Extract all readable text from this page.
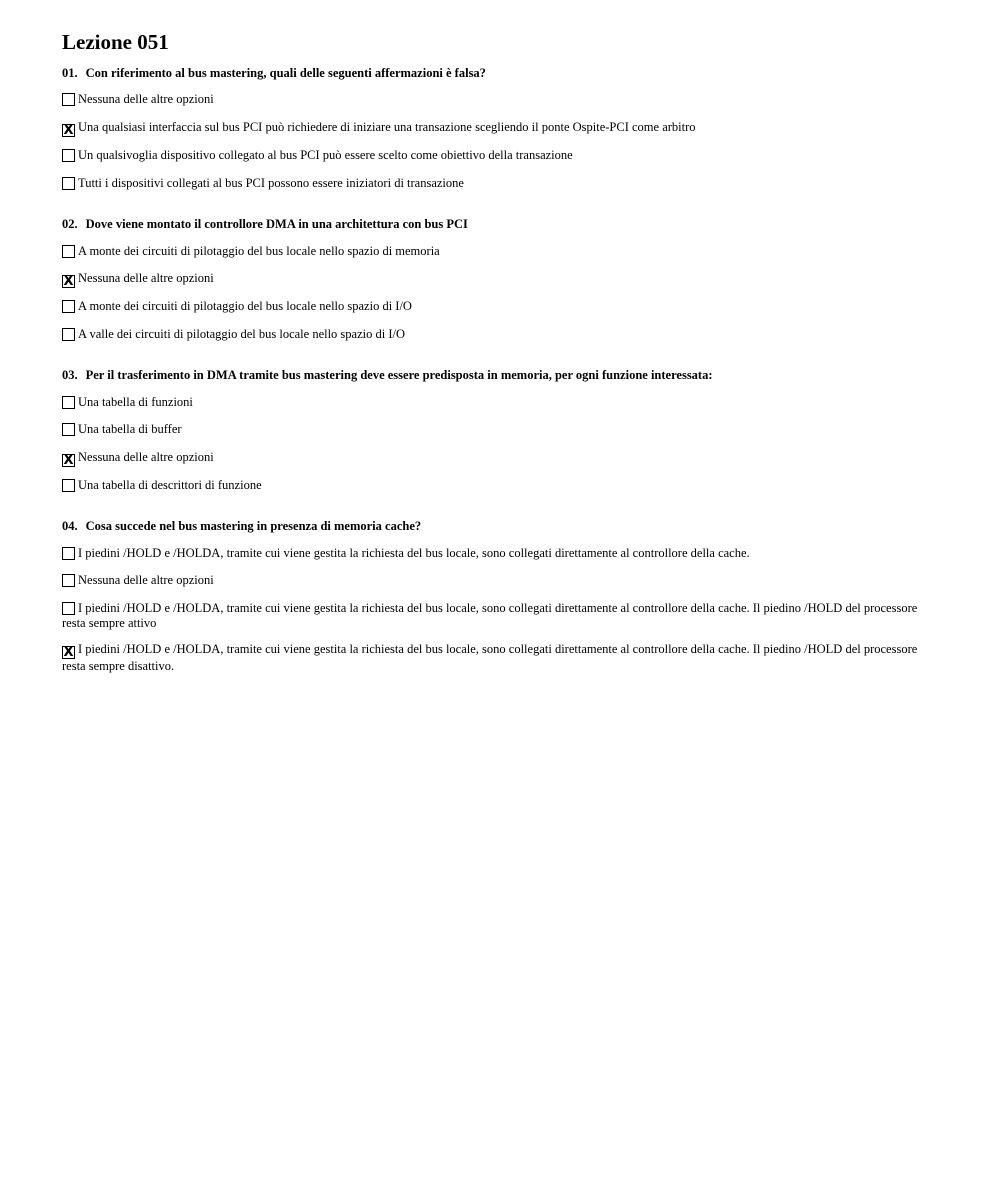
Lezione 051
01. Con riferimento al bus mastering, quali delle seguenti affermazioni è falsa?
Nessuna delle altre opzioni
X Una qualsiasi interfaccia sul bus PCI può richiedere di iniziare una transazione scegliendo il ponte Ospite-PCI come arbitro
Un qualsivoglia dispositivo collegato al bus PCI può essere scelto come obiettivo della transazione
Tutti i dispositivi collegati al bus PCI possono essere iniziatori di transazione
02. Dove viene montato il controllore DMA in una architettura con bus PCI
A monte dei circuiti di pilotaggio del bus locale nello spazio di memoria
X Nessuna delle altre opzioni
A monte dei circuiti di pilotaggio del bus locale nello spazio di I/O
A valle dei circuiti di pilotaggio del bus locale nello spazio di I/O
03. Per il trasferimento in DMA tramite bus mastering deve essere predisposta in memoria, per ogni funzione interessata:
Una tabella di funzioni
Una tabella di buffer
X Nessuna delle altre opzioni
Una tabella di descrittori di funzione
04. Cosa succede nel bus mastering in presenza di memoria cache?
I piedini /HOLD e /HOLDA, tramite cui viene gestita la richiesta del bus locale, sono collegati direttamente al controllore della cache.
Nessuna delle altre opzioni
I piedini /HOLD e /HOLDA, tramite cui viene gestita la richiesta del bus locale, sono collegati direttamente al controllore della cache. Il piedino /HOLD del processore resta sempre attivo
X I piedini /HOLD e /HOLDA, tramite cui viene gestita la richiesta del bus locale, sono collegati direttamente al controllore della cache. Il piedino /HOLD del processore resta sempre disattivo.
